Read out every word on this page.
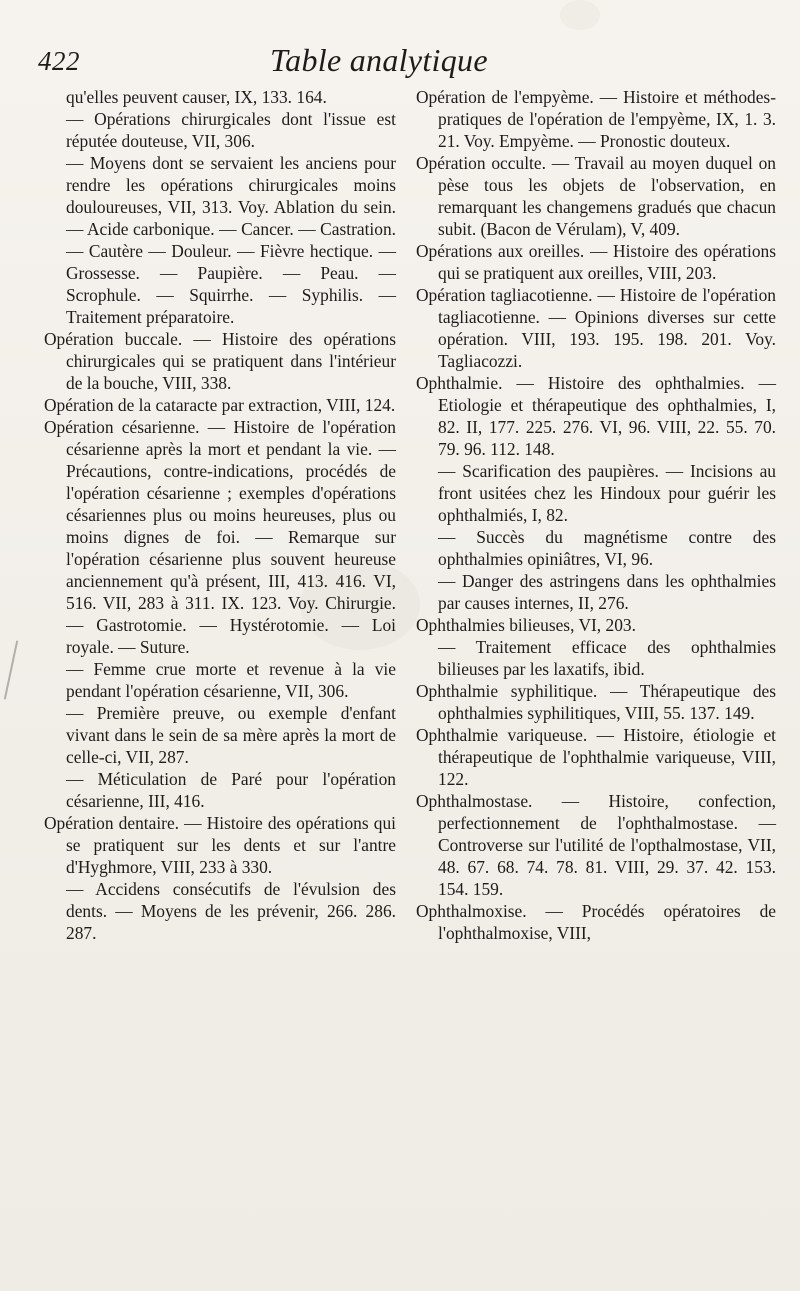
422	Table analytique
qu'elles peuvent causer, IX, 133. 164.
— Opérations chirurgicales dont l'issue est réputée douteuse, VII, 306.
— Moyens dont se servaient les anciens pour rendre les opérations chirurgicales moins douloureuses, VII, 313. Voy. Ablation du sein. — Acide carbonique. — Cancer. — Castration. — Cautère — Douleur. — Fièvre hectique. — Grossesse. — Paupière. — Peau. — Scrophule. — Squirrhe. — Syphilis. — Traitement préparatoire.
Opération buccale. — Histoire des opérations chirurgicales qui se pratiquent dans l'intérieur de la bouche, VIII, 338.
Opération de la cataracte par extraction, VIII, 124.
Opération césarienne. — Histoire de l'opération césarienne après la mort et pendant la vie. — Précautions, contre-indications, procédés de l'opération césarienne ; exemples d'opérations césariennes plus ou moins heureuses, plus ou moins dignes de foi. — Remarque sur l'opération césarienne plus souvent heureuse anciennement qu'à présent, III, 413. 416. VI, 516. VII, 283 à 311. IX. 123. Voy. Chirurgie. — Gastrotomie. — Hystérotomie. — Loi royale. — Suture.
— Femme crue morte et revenue à la vie pendant l'opération césarienne, VII, 306.
— Première preuve, ou exemple d'enfant vivant dans le sein de sa mère après la mort de celle-ci, VII, 287.
— Méticulation de Paré pour l'opération césarienne, III, 416.
Opération dentaire. — Histoire des opérations qui se pratiquent sur les dents et sur l'antre d'Hyghmore, VIII, 233 à 330.
— Accidens consécutifs de l'évulsion des dents. — Moyens de les prévenir, 266. 286. 287.
Opération de l'empyème. — Histoire et méthodes-pratiques de l'opération de l'empyème, IX, 1. 3. 21. Voy. Empyème. — Pronostic douteux.
Opération occulte. — Travail au moyen duquel on pèse tous les objets de l'observation, en remarquant les changemens gradués que chacun subit. (Bacon de Vérulam), V, 409.
Opérations aux oreilles. — Histoire des opérations qui se pratiquent aux oreilles, VIII, 203.
Opération tagliacotienne. — Histoire de l'opération tagliacotienne. — Opinions diverses sur cette opération. VIII, 193. 195. 198. 201. Voy. Tagliacozzi.
Ophthalmie. — Histoire des ophthalmies. — Etiologie et thérapeutique des ophthalmies, I, 82. II, 177. 225. 276. VI, 96. VIII, 22. 55. 70. 79. 96. 112. 148.
— Scarification des paupières. — Incisions au front usitées chez les Hindoux pour guérir les ophthalmiés, I, 82.
— Succès du magnétisme contre des ophthalmies opiniâtres, VI, 96.
— Danger des astringens dans les ophthalmies par causes internes, II, 276.
Ophthalmies bilieuses, VI, 203.
— Traitement efficace des ophthalmies bilieuses par les laxatifs, ibid.
Ophthalmie syphilitique. — Thérapeutique des ophthalmies syphilitiques, VIII, 55. 137. 149.
Ophthalmie variqueuse. — Histoire, étiologie et thérapeutique de l'ophthalmie variqueuse, VIII, 122.
Ophthalmostase. — Histoire, confection, perfectionnement de l'ophthalmostase. — Controverse sur l'utilité de l'opthalmostase, VII, 48. 67. 68. 74. 78. 81. VIII, 29. 37. 42. 153. 154. 159.
Ophthalmoxise. — Procédés opératoires de l'ophthalmoxise, VIII,
